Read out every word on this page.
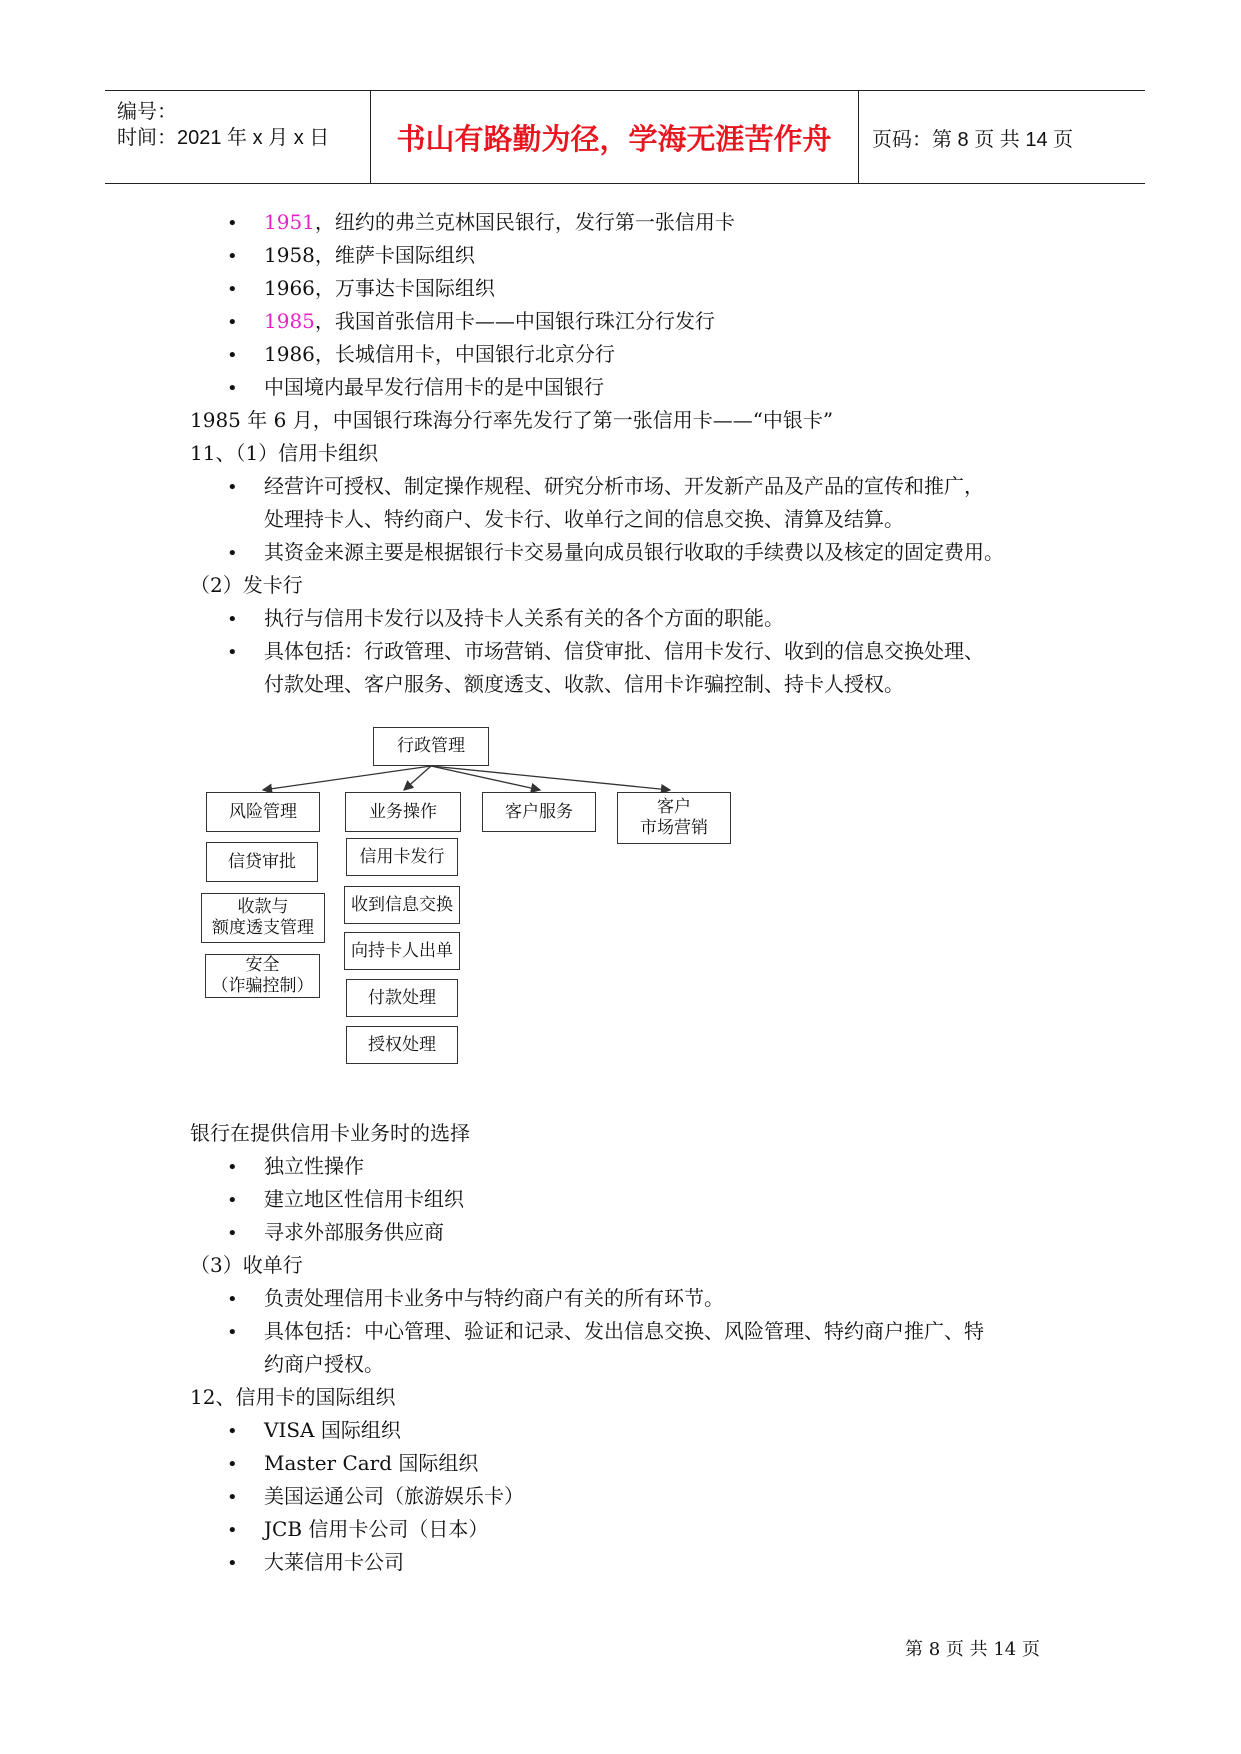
编号：
时间：2021 年 x 月 x 日	书山有路勤为径，学海无涯苦作舟	页码：第 8 页 共 14 页
• 1951，纽约的弗兰克林国民银行，发行第一张信用卡
• 1958，维萨卡国际组织
• 1966，万事达卡国际组织
• 1985，我国首张信用卡——中国银行珠江分行发行
• 1986，长城信用卡，中国银行北京分行
• 中国境内最早发行信用卡的是中国银行
1985 年 6 月，中国银行珠海分行率先发行了第一张信用卡——“中银卡”
11、（1）信用卡组织
• 经营许可授权、制定操作规程、研究分析市场、开发新产品及产品的宣传和推广，
处理持卡人、特约商户、发卡行、收单行之间的信息交换、清算及结算。
• 其资金来源主要是根据银行卡交易量向成员银行收取的手续费以及核定的固定费用。
（2）发卡行
• 执行与信用卡发行以及持卡人关系有关的各个方面的职能。
• 具体包括：行政管理、市场营销、信贷审批、信用卡发行、收到的信息交换处理、
付款处理、客户服务、额度透支、收款、信用卡诈骗控制、持卡人授权。
行政管理
风险管理	业务操作	客户服务	客户
市场营销
信贷审批
收款与
额度透支管理
安全
（诈骗控制）
信用卡发行
收到信息交换
向持卡人出单
付款处理
授权处理
银行在提供信用卡业务时的选择
• 独立性操作
• 建立地区性信用卡组织
• 寻求外部服务供应商
（3）收单行
• 负责处理信用卡业务中与特约商户有关的所有环节。
• 具体包括：中心管理、验证和记录、发出信息交换、风险管理、特约商户推广、特
约商户授权。
12、信用卡的国际组织
• VISA 国际组织
• Master Card 国际组织
• 美国运通公司（旅游娱乐卡）
• JCB 信用卡公司（日本）
• 大莱信用卡公司
第 8 页 共 14 页
